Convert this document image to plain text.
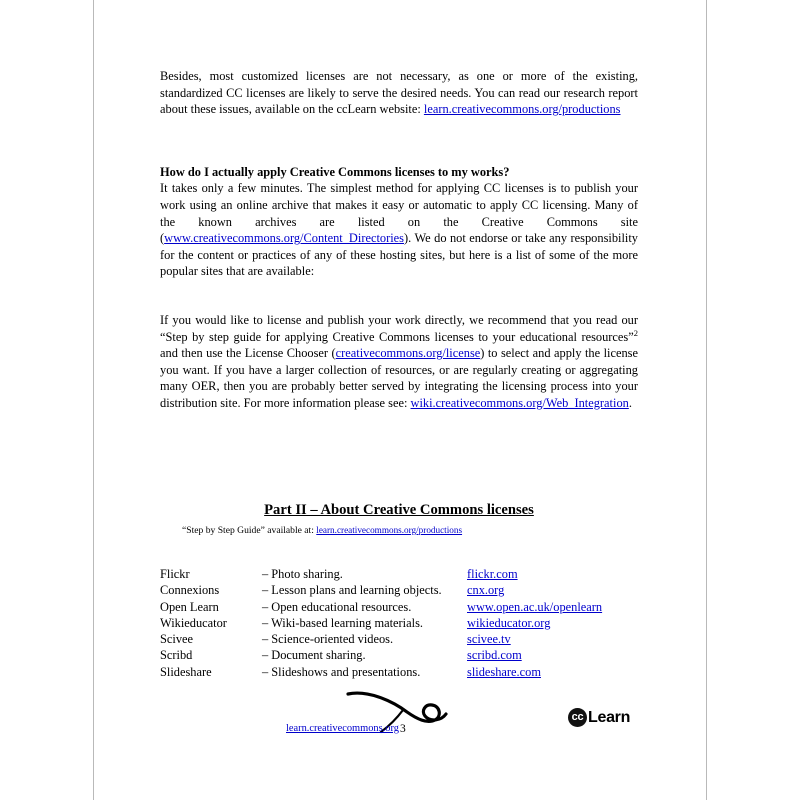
Besides, most customized licenses are not necessary, as one or more of the existing, standardized CC licenses are likely to serve the desired needs. You can read our research report about these issues, available on the ccLearn website: learn.creativecommons.org/productions

How do I actually apply Creative Commons licenses to my works?

It takes only a few minutes. The simplest method for applying CC licenses is to publish your work using an online archive that makes it easy or automatic to apply CC licensing. Many of the known archives are listed on the Creative Commons site (www.creativecommons.org/Content_Directories). We do not endorse or take any responsibility for the content or practices of any of these hosting sites, but here is a list of some of the more popular sites that are available:

If you would like to license and publish your work directly, we recommend that you read our “Step by step guide for applying Creative Commons licenses to your educational resources”$^2$ and then use the License Chooser (creativecommons.org/license) to select and apply the license you want. If you have a larger collection of resources, or are regularly creating or aggregating many OER, then you are probably better served by integrating the licensing process into your distribution site. For more information please see: wiki.creativecommons.org/Web_Integration.

Part II – About Creative Commons licenses

“Step by Step Guide” available at: learn.creativecommons.org/productions
Flickr	– Photo sharing.	flickr.com
Connexions	– Lesson plans and learning objects.	cnx.org
Open Learn	– Open educational resources.	www.open.ac.uk/openlearn
Wikieducator	– Wiki-based learning materials.	wikieducator.org
Scivee	– Science-oriented videos.	scivee.tv
Scribd	– Document sharing.	scribd.com
Slideshare	– Slideshows and presentations.	slideshare.com
learn.creativecommons.org 3
cc Learn
